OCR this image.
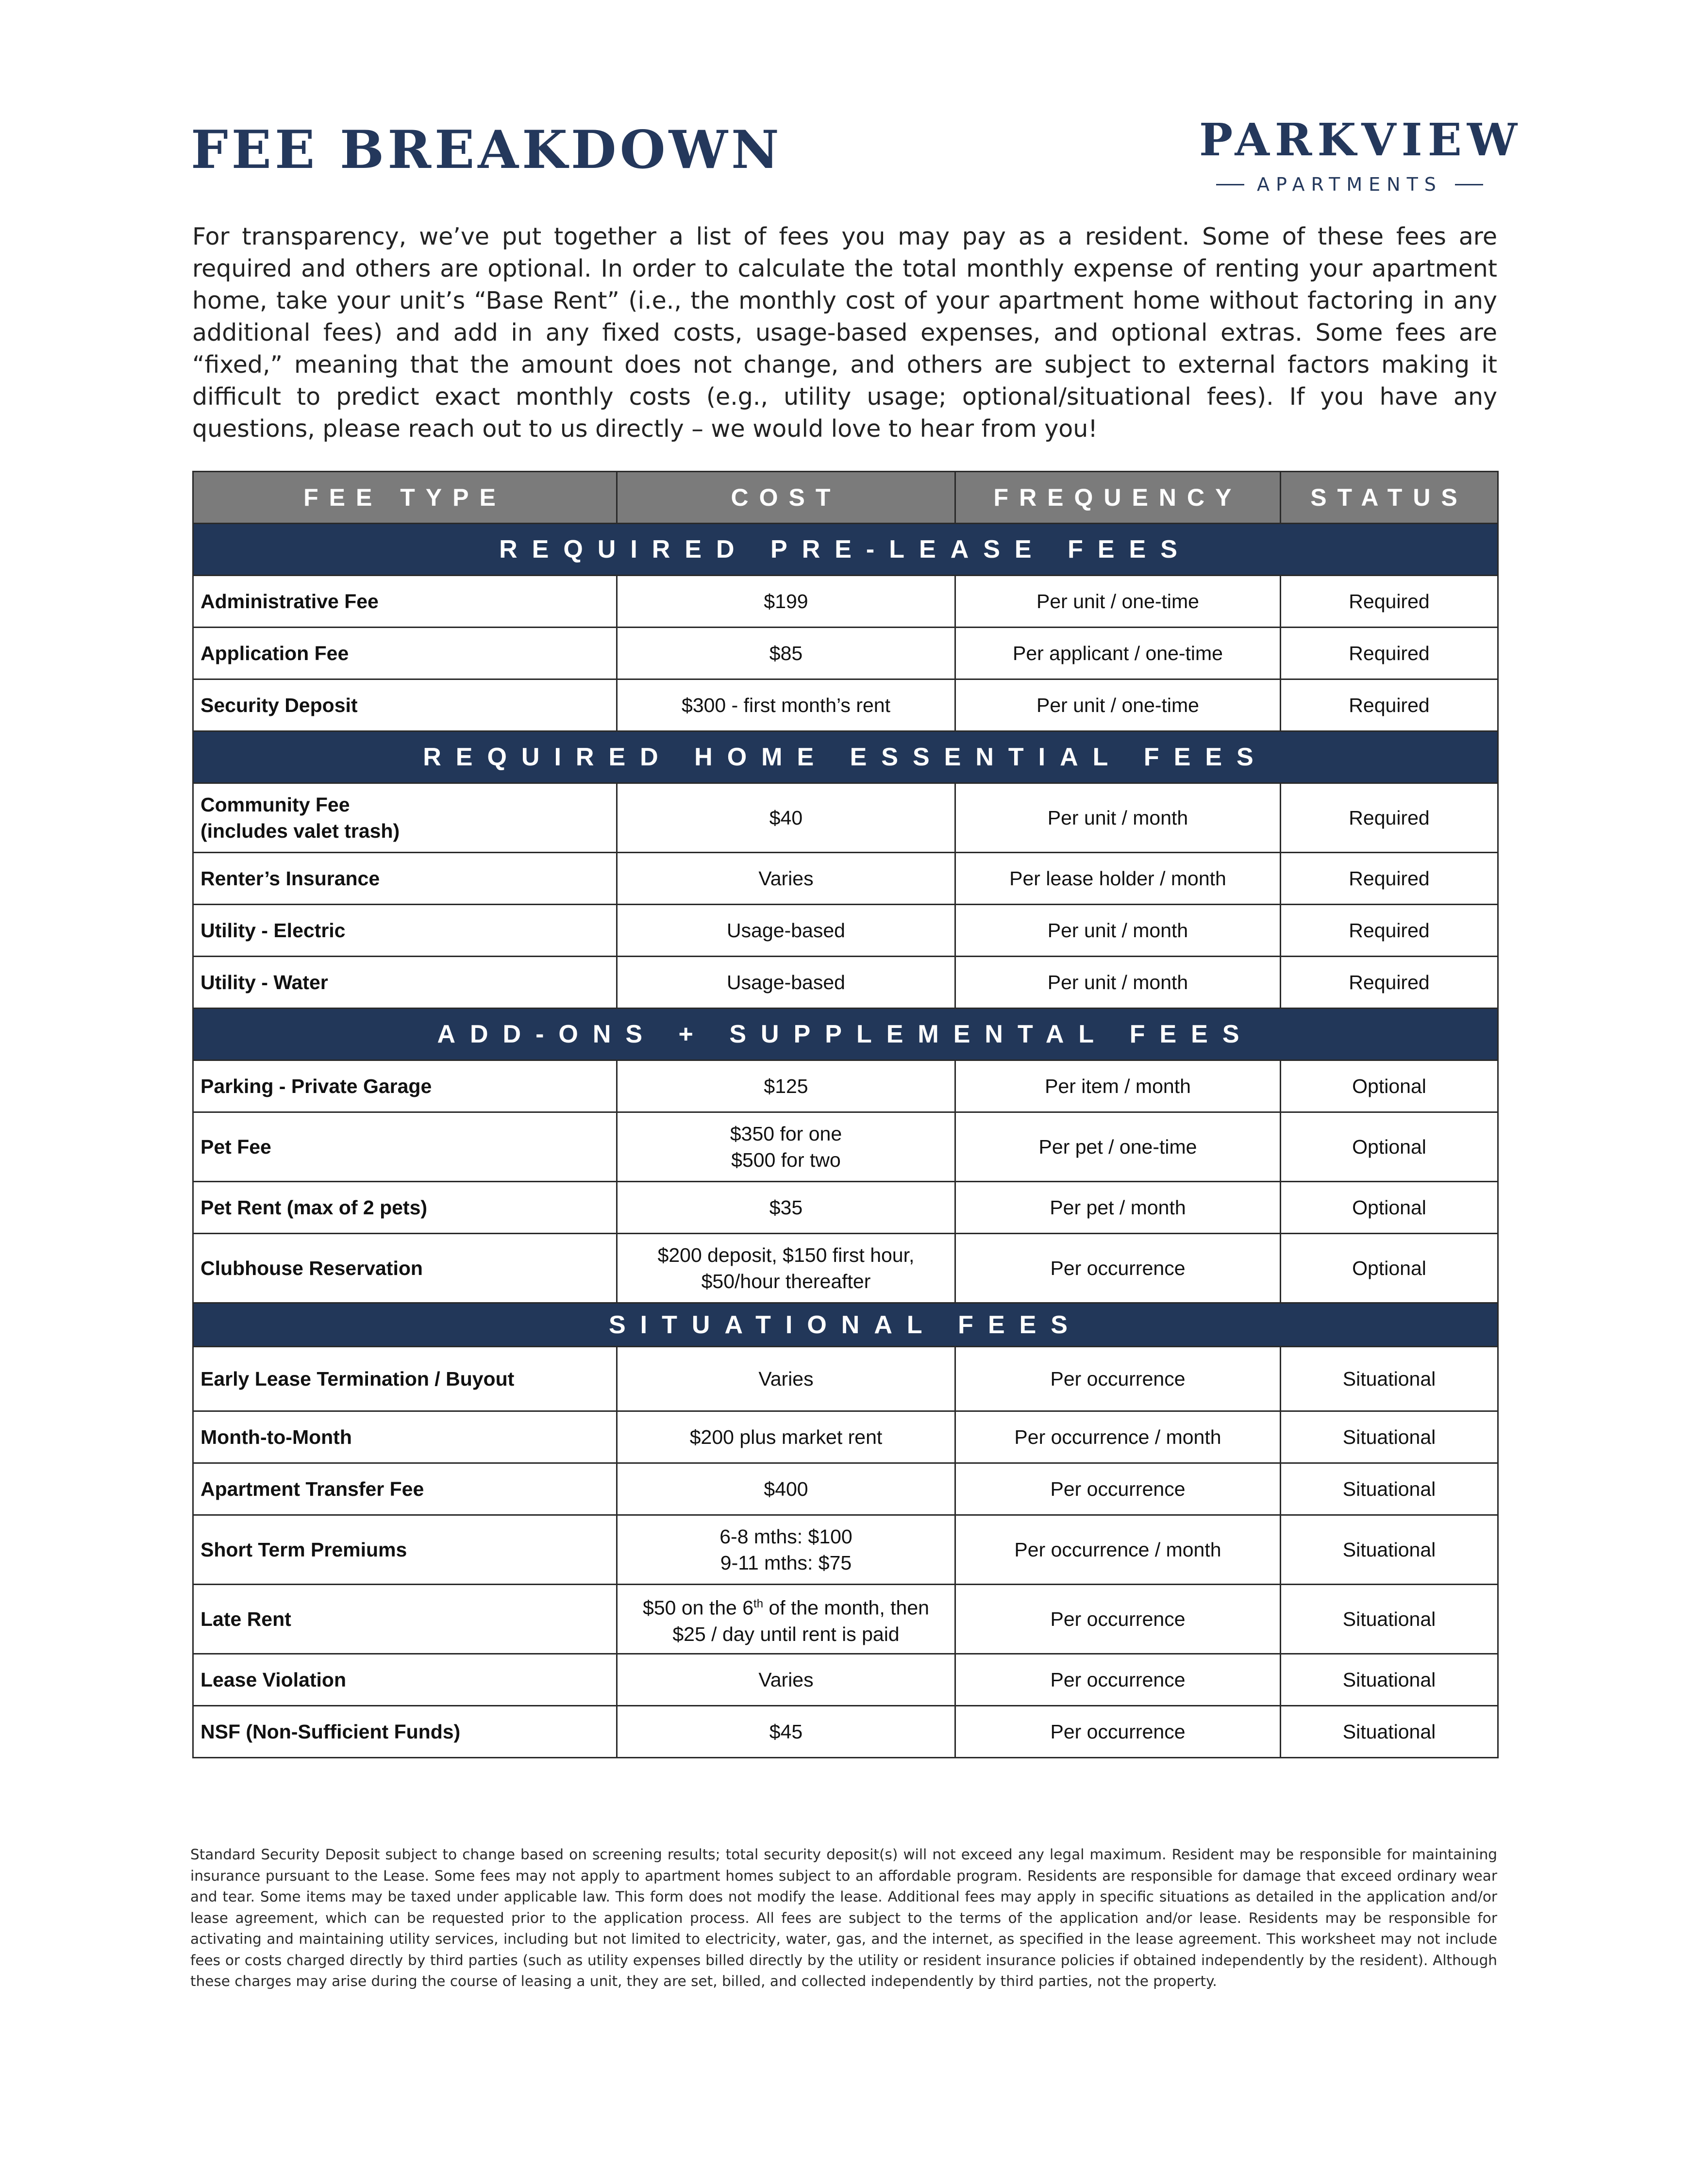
FEE BREAKDOWN	PARKVIEW
APARTMENTS

For transparency, we’ve put together a list of fees you may pay as a resident. Some of these fees are required and others are optional. In order to calculate the total monthly expense of renting your apartment home, take your unit’s “Base Rent” (i.e., the monthly cost of your apartment home without factoring in any additional fees) and add in any fixed costs, usage-based expenses, and optional extras. Some fees are “fixed,” meaning that the amount does not change, and others are subject to external factors making it difficult to predict exact monthly costs (e.g., utility usage; optional/situational fees). If you have any questions, please reach out to us directly – we would love to hear from you!

FEE TYPE	COST	FREQUENCY	STATUS
REQUIRED PRE-LEASE FEES			
Administrative Fee	$199	Per unit / one-time	Required
Application Fee	$85	Per applicant / one-time	Required
Security Deposit	$300 - first month’s rent	Per unit / one-time	Required
REQUIRED HOME ESSENTIAL FEES			
Community Fee
(includes valet trash)	$40	Per unit / month	Required
Renter’s Insurance	Varies	Per lease holder / month	Required
Utility - Electric	Usage-based	Per unit / month	Required
Utility - Water	Usage-based	Per unit / month	Required
ADD-ONS + SUPPLEMENTAL FEES			
Parking - Private Garage	$125	Per item / month	Optional
Pet Fee	$350 for one
$500 for two	Per pet / one-time	Optional
Pet Rent (max of 2 pets)	$35	Per pet / month	Optional
Clubhouse Reservation	$200 deposit, $150 first hour,
$50/hour thereafter	Per occurrence	Optional
SITUATIONAL FEES			
Early Lease Termination / Buyout	Varies	Per occurrence	Situational
Month-to-Month	$200 plus market rent	Per occurrence / month	Situational
Apartment Transfer Fee	$400	Per occurrence	Situational
Short Term Premiums	6-8 mths: $100
9-11 mths: $75	Per occurrence / month	Situational
Late Rent	$50 on the 6th of the month, then
$25 / day until rent is paid	Per occurrence	Situational
Lease Violation	Varies	Per occurrence	Situational
NSF (Non-Sufficient Funds)	$45	Per occurrence	Situational

Standard Security Deposit subject to change based on screening results; total security deposit(s) will not exceed any legal maximum. Resident may be responsible for maintaining insurance pursuant to the Lease. Some fees may not apply to apartment homes subject to an affordable program. Residents are responsible for damage that exceed ordinary wear and tear. Some items may be taxed under applicable law. This form does not modify the lease. Additional fees may apply in specific situations as detailed in the application and/or lease agreement, which can be requested prior to the application process. All fees are subject to the terms of the application and/or lease. Residents may be responsible for activating and maintaining utility services, including but not limited to electricity, water, gas, and the internet, as specified in the lease agreement. This worksheet may not include fees or costs charged directly by third parties (such as utility expenses billed directly by the utility or resident insurance policies if obtained independently by the resident). Although these charges may arise during the course of leasing a unit, they are set, billed, and collected independently by third parties, not the property.
